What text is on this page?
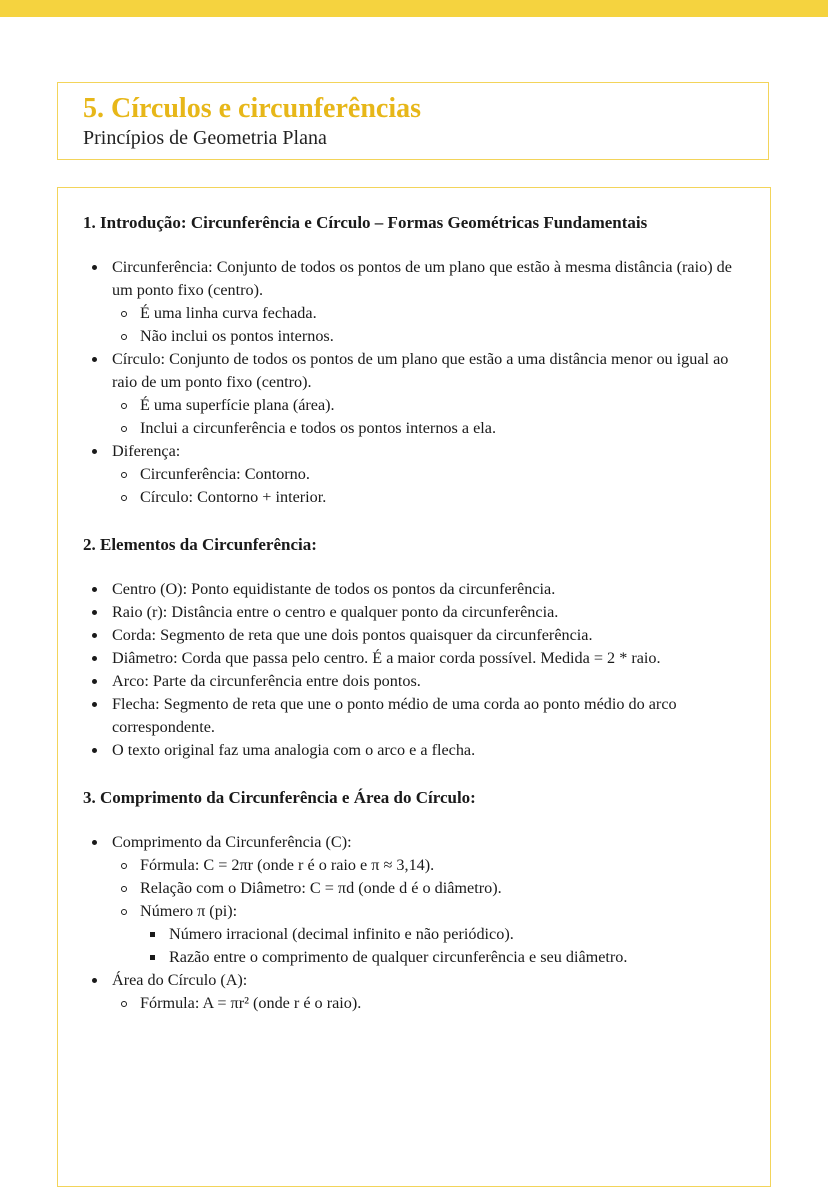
5. Círculos e circunferências
Princípios de Geometria Plana
1. Introdução: Circunferência e Círculo – Formas Geométricas Fundamentais
Circunferência: Conjunto de todos os pontos de um plano que estão à mesma distância (raio) de um ponto fixo (centro).
É uma linha curva fechada.
Não inclui os pontos internos.
Círculo: Conjunto de todos os pontos de um plano que estão a uma distância menor ou igual ao raio de um ponto fixo (centro).
É uma superfície plana (área).
Inclui a circunferência e todos os pontos internos a ela.
Diferença:
Circunferência: Contorno.
Círculo: Contorno + interior.
2. Elementos da Circunferência:
Centro (O): Ponto equidistante de todos os pontos da circunferência.
Raio (r): Distância entre o centro e qualquer ponto da circunferência.
Corda: Segmento de reta que une dois pontos quaisquer da circunferência.
Diâmetro: Corda que passa pelo centro. É a maior corda possível. Medida = 2 * raio.
Arco: Parte da circunferência entre dois pontos.
Flecha: Segmento de reta que une o ponto médio de uma corda ao ponto médio do arco correspondente.
O texto original faz uma analogia com o arco e a flecha.
3. Comprimento da Circunferência e Área do Círculo:
Comprimento da Circunferência (C):
Fórmula: C = 2πr (onde r é o raio e π ≈ 3,14).
Relação com o Diâmetro: C = πd (onde d é o diâmetro).
Número π (pi):
Número irracional (decimal infinito e não periódico).
Razão entre o comprimento de qualquer circunferência e seu diâmetro.
Área do Círculo (A):
Fórmula: A = πr² (onde r é o raio).
